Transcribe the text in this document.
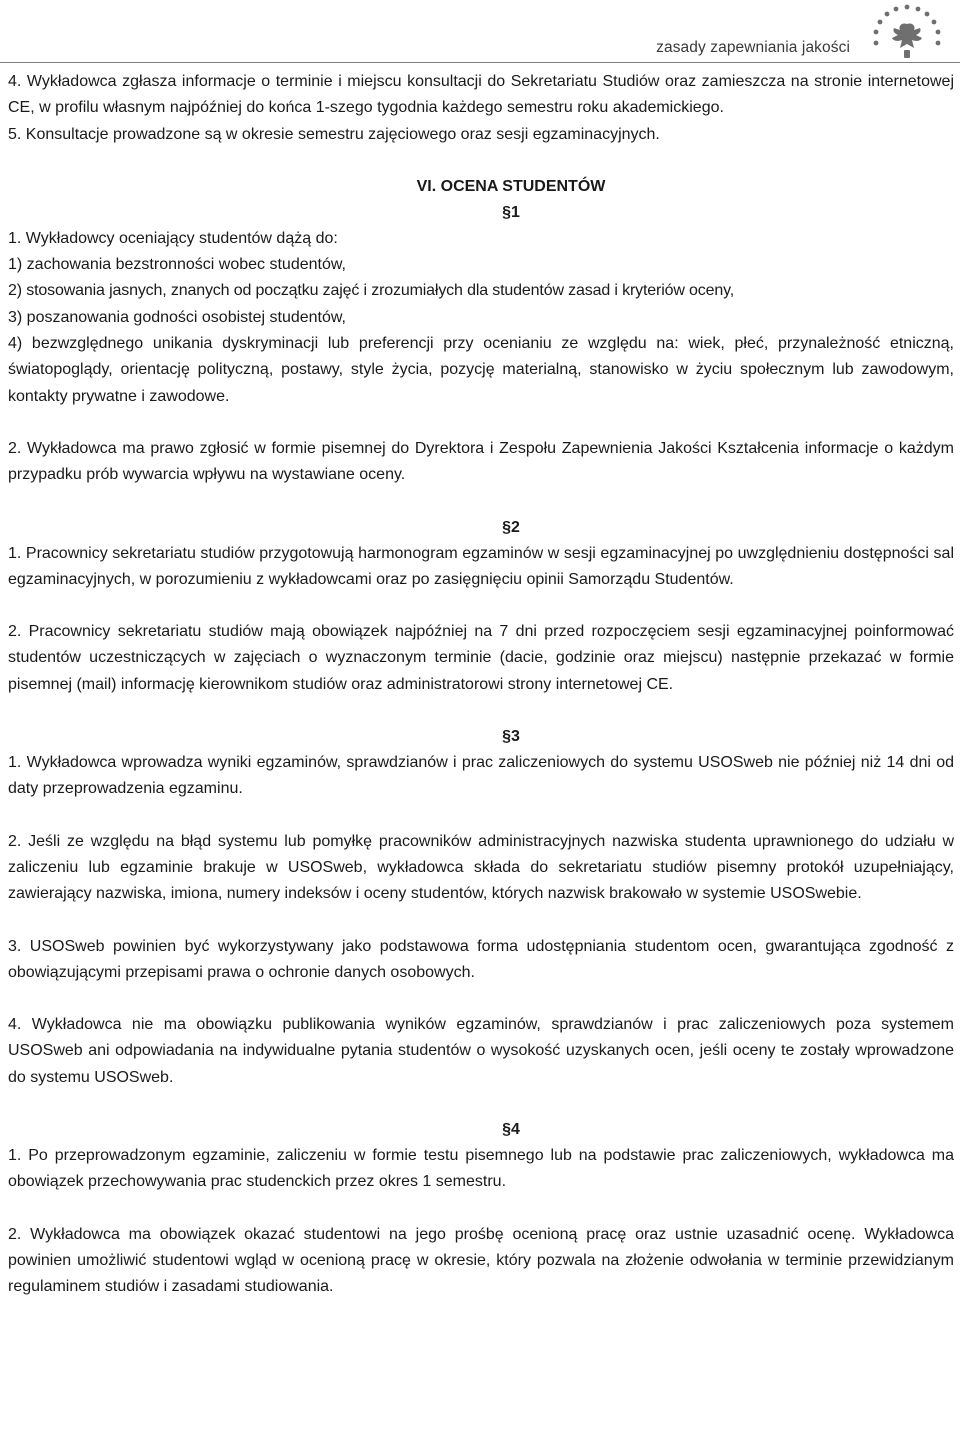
zasady zapewniania jakości

4. Wykładowca zgłasza informacje o terminie i miejscu konsultacji do Sekretariatu Studiów oraz zamieszcza na stronie internetowej CE, w profilu własnym najpóźniej do końca 1-szego tygodnia każdego semestru roku akademickiego.

5. Konsultacje prowadzone są w okresie semestru zajęciowego oraz sesji egzaminacyjnych.

VI. OCENA STUDENTÓW

§1

1. Wykładowcy oceniający studentów dążą do:

1) zachowania bezstronności wobec studentów,

2) stosowania jasnych, znanych od początku zajęć i zrozumiałych dla studentów zasad i kryteriów oceny,

3) poszanowania godności osobistej studentów,

4) bezwzględnego unikania dyskryminacji lub preferencji przy ocenianiu ze względu na: wiek, płeć, przynależność etniczną, światopoglądy, orientację polityczną, postawy, style życia, pozycję materialną, stanowisko w życiu społecznym lub zawodowym, kontakty prywatne i zawodowe.

2. Wykładowca ma prawo zgłosić w formie pisemnej do Dyrektora i Zespołu Zapewnienia Jakości Kształcenia informacje o każdym przypadku prób wywarcia wpływu na wystawiane oceny.

§2

1. Pracownicy sekretariatu studiów przygotowują harmonogram egzaminów w sesji egzaminacyjnej po uwzględnieniu dostępności sal egzaminacyjnych, w porozumieniu z wykładowcami oraz po zasięgnięciu opinii Samorządu Studentów.

2. Pracownicy sekretariatu studiów mają obowiązek najpóźniej na 7 dni przed rozpoczęciem sesji egzaminacyjnej poinformować studentów uczestniczących w zajęciach o wyznaczonym terminie (dacie, godzinie oraz miejscu) następnie przekazać w formie pisemnej (mail) informację kierownikom studiów oraz administratorowi strony internetowej CE.

§3

1. Wykładowca wprowadza wyniki egzaminów, sprawdzianów i prac zaliczeniowych do systemu USOSweb nie później niż 14 dni od daty przeprowadzenia egzaminu.

2. Jeśli ze względu na błąd systemu lub pomyłkę pracowników administracyjnych nazwiska studenta uprawnionego do udziału w zaliczeniu lub egzaminie brakuje w USOSweb, wykładowca składa do sekretariatu studiów pisemny protokół uzupełniający, zawierający nazwiska, imiona, numery indeksów i oceny studentów, których nazwisk brakowało w systemie USOSwebie.

3. USOSweb powinien być wykorzystywany jako podstawowa forma udostępniania studentom ocen, gwarantująca zgodność z obowiązującymi przepisami prawa o ochronie danych osobowych.

4. Wykładowca nie ma obowiązku publikowania wyników egzaminów, sprawdzianów i prac zaliczeniowych poza systemem USOSweb ani odpowiadania na indywidualne pytania studentów o wysokość uzyskanych ocen, jeśli oceny te zostały wprowadzone do systemu USOSweb.

§4

1. Po przeprowadzonym egzaminie, zaliczeniu w formie testu pisemnego lub na podstawie prac zaliczeniowych, wykładowca ma obowiązek przechowywania prac studenckich przez okres 1 semestru.

2. Wykładowca ma obowiązek okazać studentowi na jego prośbę ocenioną pracę oraz ustnie uzasadnić ocenę. Wykładowca powinien umożliwić studentowi wgląd w ocenioną pracę w okresie, który pozwala na złożenie odwołania w terminie przewidzianym regulaminem studiów i zasadami studiowania.
